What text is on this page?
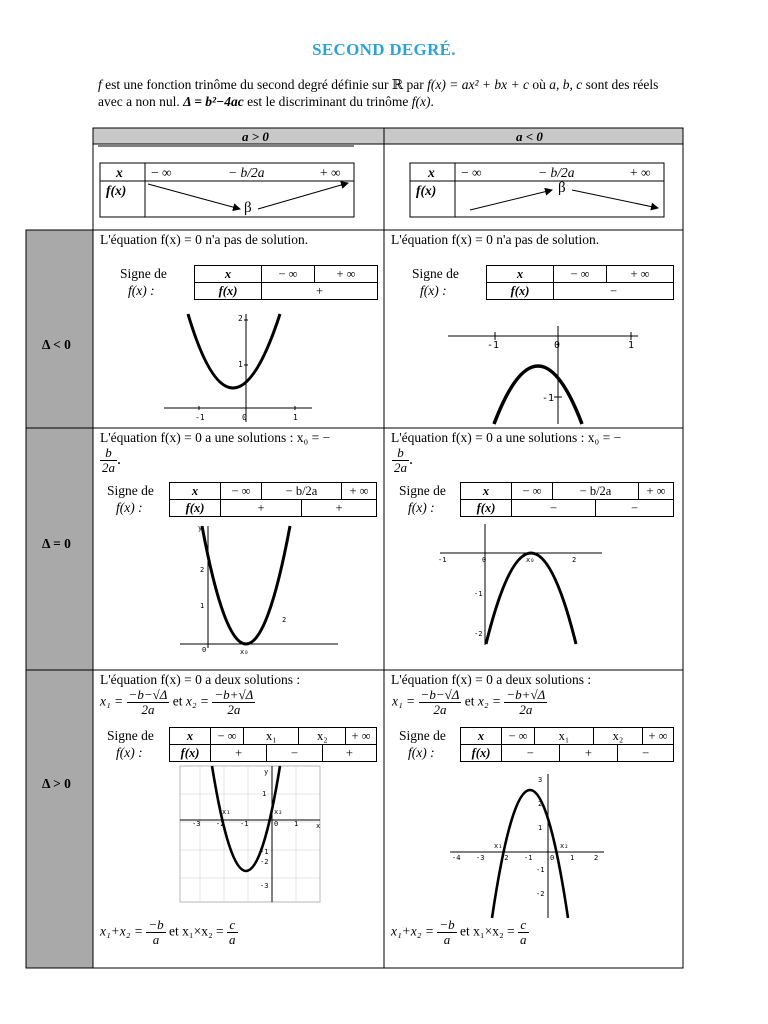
SECOND DEGRÉ.
f est une fonction trinôme du second degré définie sur ℝ par f(x) = ax² + bx + c où a, b, c sont des réels
avec a non nul. Δ = b²−4ac est le discriminant du trinôme f(x).
a > 0	a < 0
x − ∞	− b/2a	+ ∞
f(x)
β
x − ∞	− b/2a	+ ∞
f(x)	β
Δ < 0
Δ = 0
Δ > 0
L'équation f(x) = 0 n'a pas de solution.	L'équation f(x) = 0 n'a pas de solution.
Signe de
f(x) :
x	− ∞	+ ∞
f(x)	+	
Signe de
f(x) :
x	− ∞	+ ∞
f(x)	−	
-1	0	1
1
2
-1	0	1
-1
L'équation f(x) = 0 a une solutions : x₀ = −
$\frac{b}{2a}$ .
L'équation f(x) = 0 a une solutions : x₀ = −
$\frac{b}{2a}$ .
Signe de
f(x) :
x	− ∞	− b/2a		+ ∞
f(x)	+		+	
Signe de
f(x) :
x	− ∞	− b/2a		+ ∞
f(x)	−		−	
y
2
1
0
2
x₀
-1	0	2
x₀
-1
-2
L'équation f(x) = 0 a deux solutions :
$x_1 = \frac{-b-√\Delta}{2a}$ et $x_2 = \frac{-b+√\Delta}{2a}$
L'équation f(x) = 0 a deux solutions :
$x_1 = \frac{-b-√\Delta}{2a}$ et $x_2 = \frac{-b+√\Delta}{2a}$
Signe de
f(x) :
x	− ∞	x₁		x₂		+ ∞
f(x)	+		−		+	
Signe de
f(x) :
x	− ∞	x₁		x₂		+ ∞
f(x)	−		+		−	
y
x
1
-3 -2 -1	0 1
-1
-2
-3
x₁	x₂
-4 -3 -2 -1	0 1	2
3
2
1
-1
-2
x₁	x₂
$x_1+x_2 = \frac{-b}{a}$ et $x_1\times x_2 = \frac{c}{a}$	$x_1+x_2 = \frac{-b}{a}$ et $x_1\times x_2 = \frac{c}{a}$
